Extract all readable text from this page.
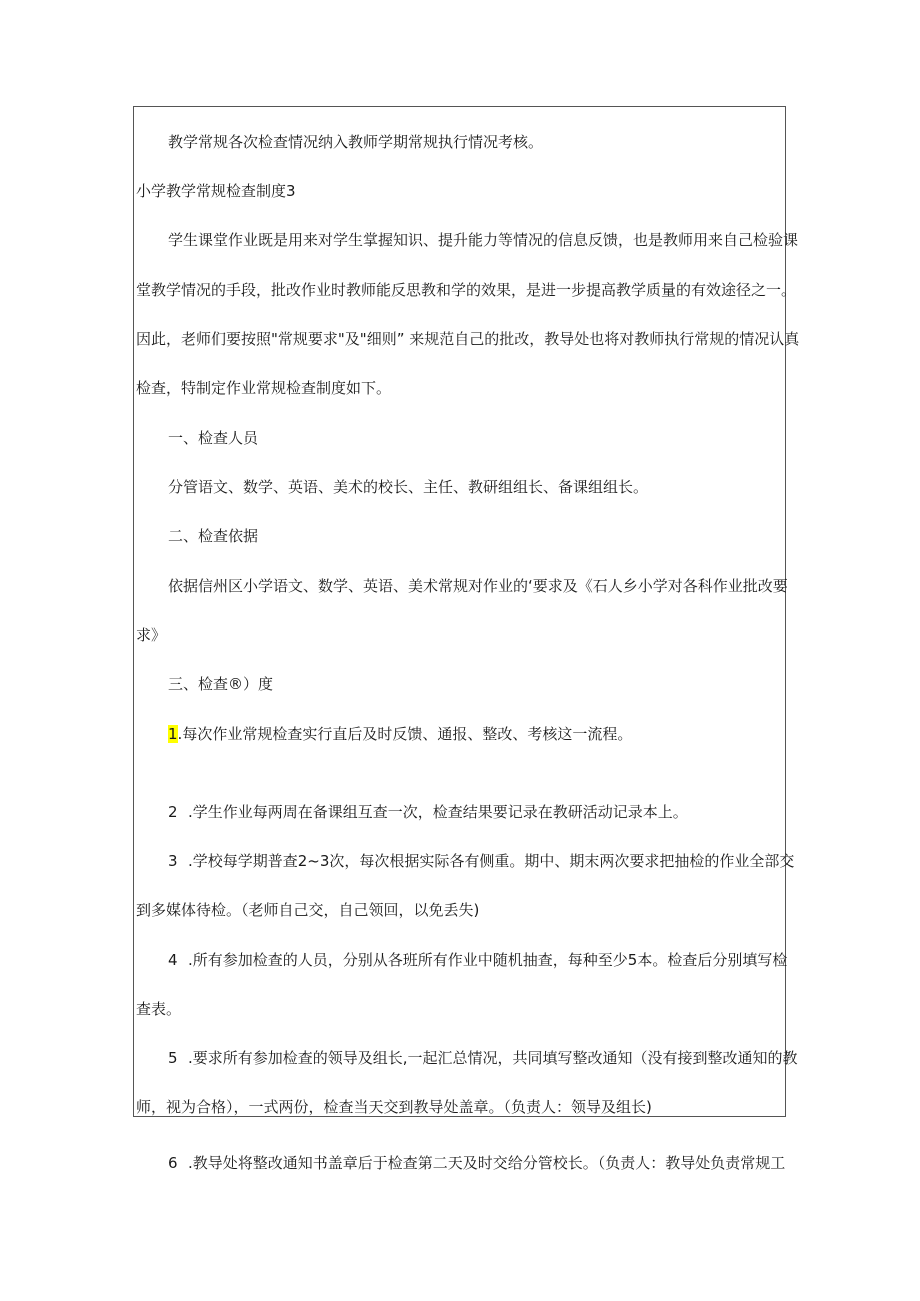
教学常规各次检查情况纳入教师学期常规执行情况考核。
小学教学常规检查制度3
学生课堂作业既是用来对学生掌握知识、提升能力等情况的信息反馈，也是教师用来自己检验课
堂教学情况的手段，批改作业时教师能反思教和学的效果，是进一步提高教学质量的有效途径之一。
因此，老师们要按照"常规要求"及"细则” 来规范自己的批改，教导处也将对教师执行常规的情况认真
检查，特制定作业常规检查制度如下。
一、检查人员
分管语文、数学、英语、美术的校长、主任、教研组组长、备课组组长。
二、检查依据
依据信州区小学语文、数学、英语、美术常规对作业的‘要求及《石人乡小学对各科作业批改要
求》
三、检查®）度
1.每次作业常规检查实行直后及时反馈、通报、整改、考核这一流程。
2 .学生作业每两周在备课组互查一次，检查结果要记录在教研活动记录本上。
3 .学校每学期普查2~3次，每次根据实际各有侧重。期中、期末两次要求把抽检的作业全部交
到多媒体待检。（老师自己交，自己领回，以免丢失)
4 .所有参加检查的人员，分别从各班所有作业中随机抽查，每种至少5本。检查后分别填写检
查表。
5 .要求所有参加检查的领导及组长,一起汇总情况，共同填写整改通知（没有接到整改通知的教
师，视为合格），一式两份，检查当天交到教导处盖章。（负责人：领导及组长)
6 .教导处将整改通知书盖章后于检查第二天及时交给分管校长。（负责人：教导处负责常规工
